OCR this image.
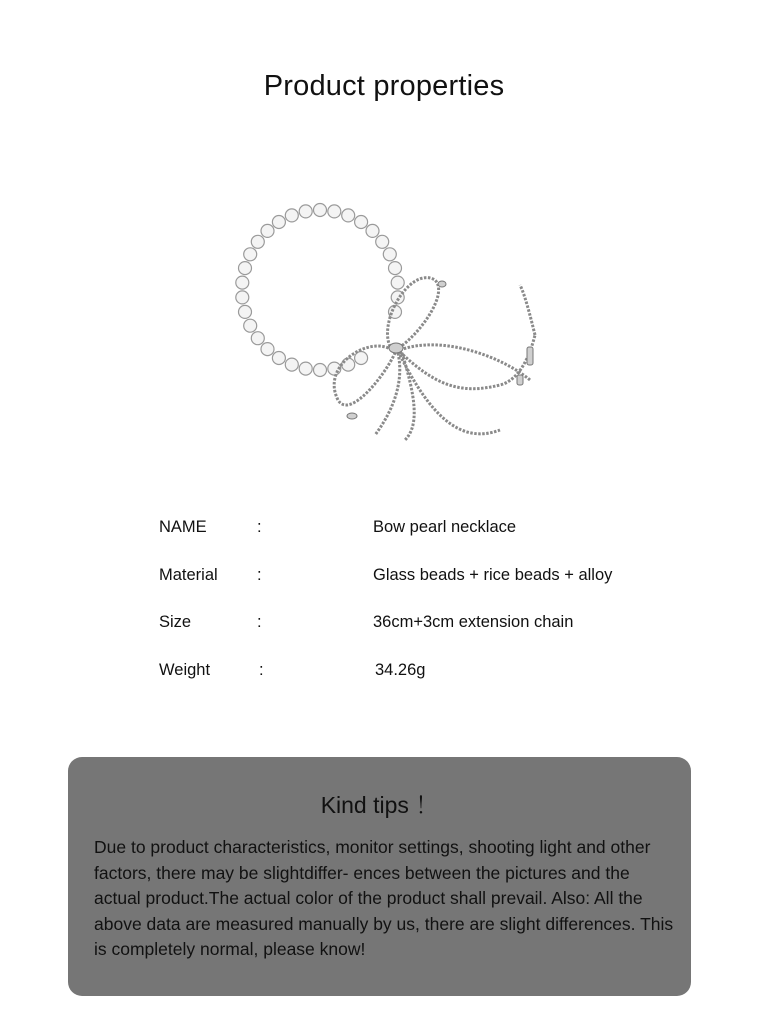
Product properties
NAME	:	Bow pearl necklace
Material :	Glass beads + rice beads + alloy
Size	:	36cm+3cm extension chain
Weight	:	34.26g
Kind tips ！
Due to product characteristics, monitor settings, shooting light and other factors, there may be slightdiffer- ences between the pictures and the actual product.The actual color of the product shall prevail. Also: All the above data are measured manually by us, there are slight differences. This is completely normal, please know!
